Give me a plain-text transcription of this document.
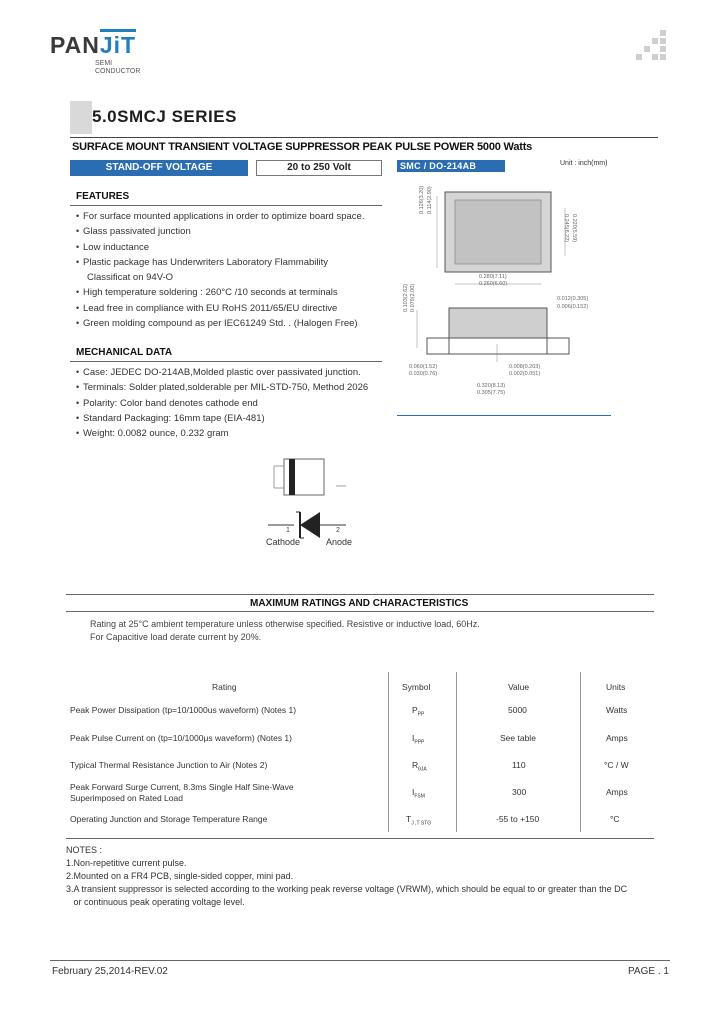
PANJiT
SEMI
CONDUCTOR
5.0SMCJ SERIES
SURFACE MOUNT TRANSIENT VOLTAGE SUPPRESSOR PEAK PULSE POWER 5000 Watts
STAND-OFF VOLTAGE	20 to 250 Volt	SMC / DO-214AB	Unit : inch(mm)
FEATURES
• For surface mounted applications in order to optimize board space.
• Glass passivated junction
• Low inductance
• Plastic package has Underwriters Laboratory Flammability
Classificat on 94V-O
• High temperature soldering : 260°C /10 seconds at terminals
• Lead free in compliance with EU RoHS 2011/65/EU directive
• Green molding compound as per IEC61249 Std. . (Halogen Free)
MECHANICAL DATA
• Case: JEDEC DO-214AB,Molded plastic over passivated junction.
• Terminals: Solder plated,solderable per MIL-STD-750, Method 2026
• Polarity: Color band denotes cathode end
• Standard Packaging: 16mm tape (EIA-481)
• Weight: 0.0082 ounce, 0.232 gram
0.126(3.20) 0.114(2.90)
0.245(6.22) 0.220(5.59)
0.280(7.11)
0.260(6.60)
0.012(0.305)
0.006(0.152)
0.103(2.62) 0.079(2.00)
0.060(1.52)
0.030(0.76)
0.008(0.203)
0.002(0.051)
0.320(8.13)
0.305(7.75)
1	2
Cathode	Anode
MAXIMUM RATINGS AND CHARACTERISTICS
Rating at 25°C ambient temperature unless otherwise specified. Resistive or inductive load, 60Hz.
For Capacitive load derate current by 20%.
Rating	Symbol	Value	Units
Peak Power Dissipation (tp=10/1000us waveform) (Notes 1)	$P_{PP}$	5000	Watts
Peak Pulse Current on (tp=10/1000μs waveform) (Notes 1)	$I_{PPP}$	See table	Amps
Typical Thermal Resistance Junction to Air (Notes 2)	$R_{\theta JA}$	110	°C / W
Peak Forward Surge Current, 8.3ms Single Half Sine-Wave
Superimposed on Rated Load
$I_{FSM}$	300	Amps
Operating Junction and Storage Temperature Range	$T_{J ,T STG}$	-55 to +150	°C
NOTES :
1.Non-repetitive current pulse.
2.Mounted on a FR4 PCB, single-sided copper, mini pad.
3.A transient suppressor is selected according to the working peak reverse voltage (VRWM), which should be equal to or greater than the DC
or continuous peak operating voltage level.
February 25,2014-REV.02	PAGE . 1
